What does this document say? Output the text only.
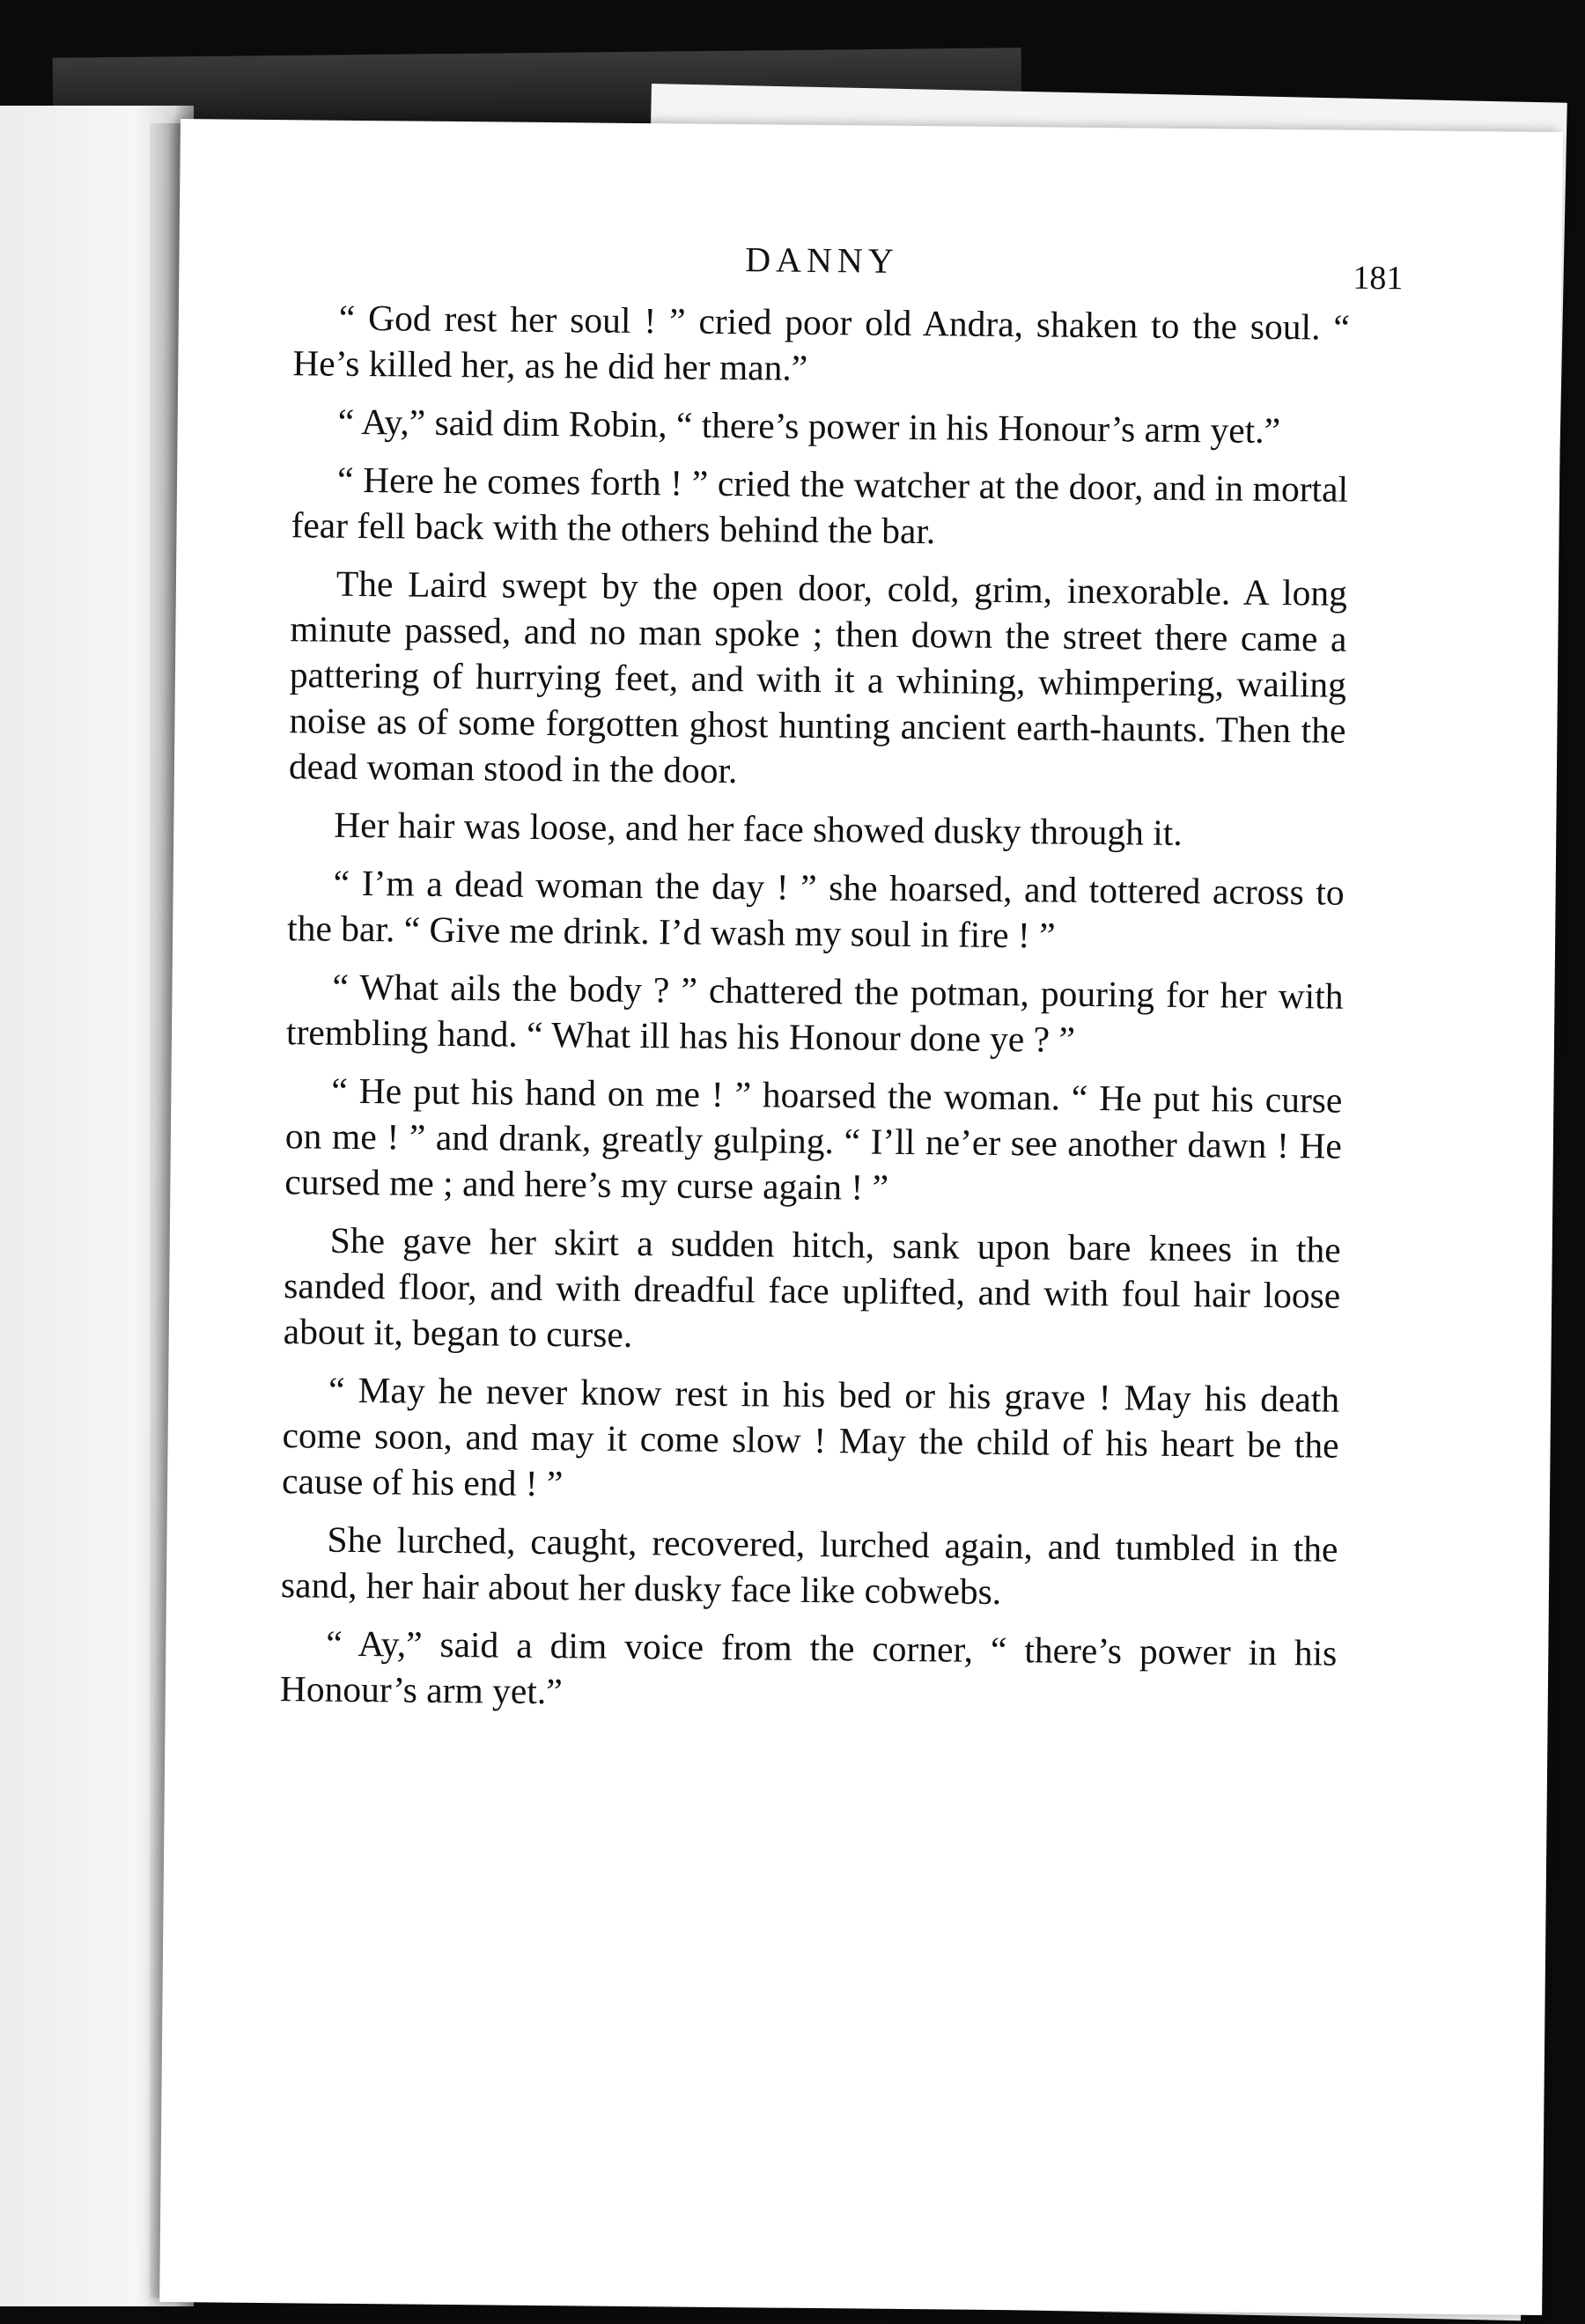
DANNY	181

“ God rest her soul ! ” cried poor old Andra, shaken to the soul. “ He’s killed her, as he did her man.”

“ Ay,” said dim Robin, “ there’s power in his Honour’s arm yet.”

“ Here he comes forth ! ” cried the watcher at the door, and in mortal fear fell back with the others behind the bar.

The Laird swept by the open door, cold, grim, inexorable. A long minute passed, and no man spoke ; then down the street there came a pattering of hurrying feet, and with it a whining, whimpering, wailing noise as of some forgotten ghost hunting ancient earth-haunts. Then the dead woman stood in the door.

Her hair was loose, and her face showed dusky through it.

“ I’m a dead woman the day ! ” she hoarsed, and tottered across to the bar. “ Give me drink. I’d wash my soul in fire ! ”

“ What ails the body ? ” chattered the potman, pouring for her with trembling hand. “ What ill has his Honour done ye ? ”

“ He put his hand on me ! ” hoarsed the woman. “ He put his curse on me ! ” and drank, greatly gulping. “ I’ll ne’er see another dawn ! He cursed me ; and here’s my curse again ! ”

She gave her skirt a sudden hitch, sank upon bare knees in the sanded floor, and with dreadful face uplifted, and with foul hair loose about it, began to curse.

“ May he never know rest in his bed or his grave ! May his death come soon, and may it come slow ! May the child of his heart be the cause of his end ! ”

She lurched, caught, recovered, lurched again, and tumbled in the sand, her hair about her dusky face like cobwebs.

“ Ay,” said a dim voice from the corner, “ there’s power in his Honour’s arm yet.”
